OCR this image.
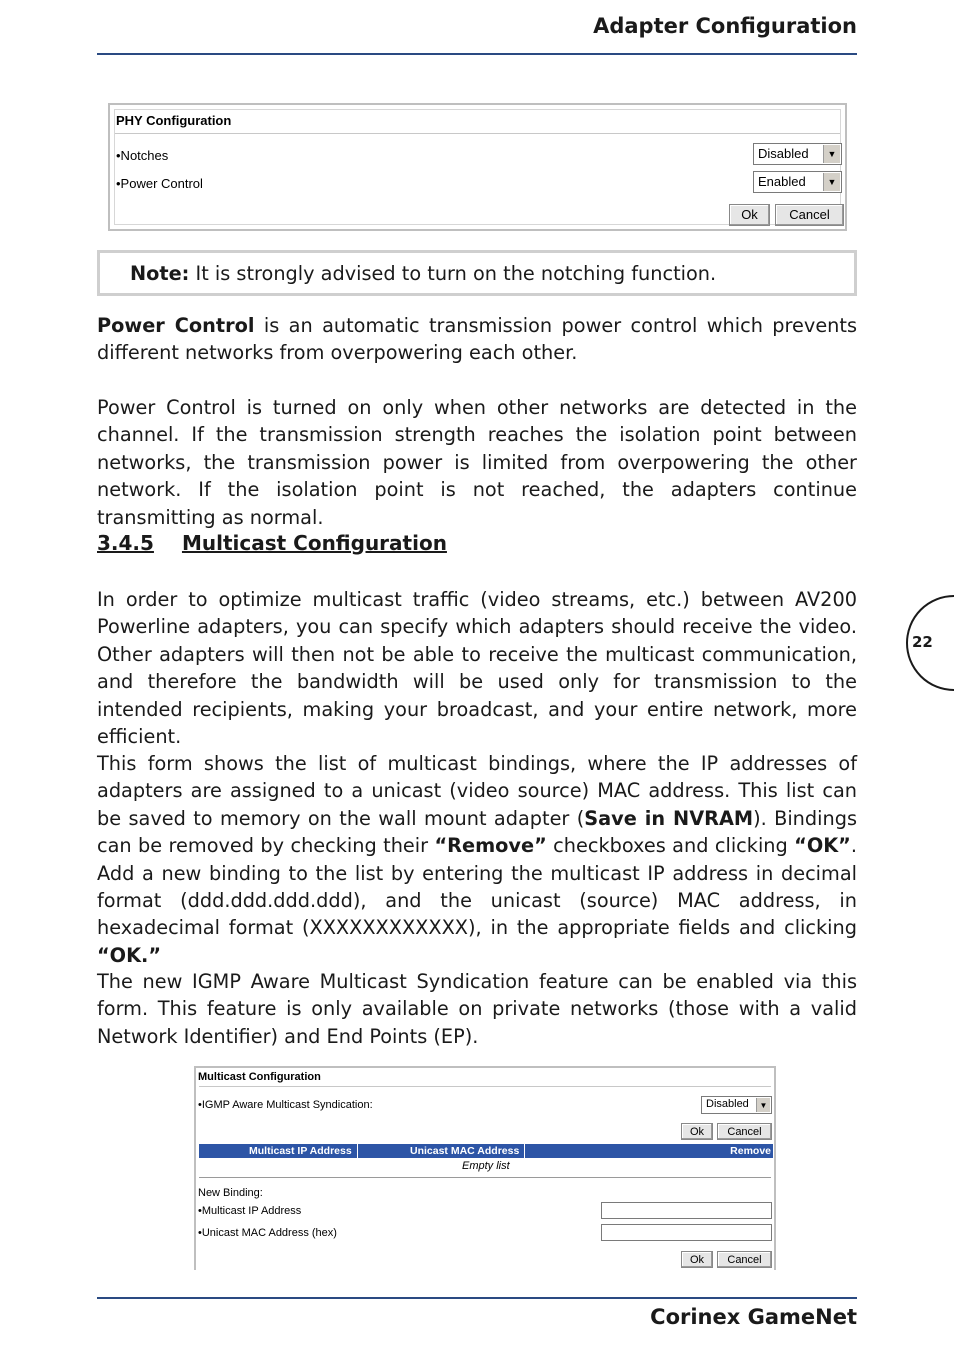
Adapter Configuration
PHY Configuration
•Notches	Disabled	▼
•Power Control	Enabled	▼
Ok	Cancel
Note: It is strongly advised to turn on the notching function.
Power Control is an automatic transmission power control which prevents different networks from overpowering each other.
Power Control is turned on only when other networks are detected in the channel. If the transmission strength reaches the isolation point between networks, the transmission power is limited from overpowering the other network. If the isolation point is not reached, the adapters continue transmitting as normal.
3.4.5 Multicast Configuration
In order to optimize multicast traffic (video streams, etc.) between AV200 Powerline adapters, you can specify which adapters should receive the video. Other adapters will then not be able to receive the multicast communication, and therefore the bandwidth will be used only for transmission to the intended recipients, making your broadcast, and your entire network, more efficient.
This form shows the list of multicast bindings, where the IP addresses of adapters are assigned to a unicast (video source) MAC address. This list can be saved to memory on the wall mount adapter (Save in NVRAM). Bindings can be removed by checking their “Remove” checkboxes and clicking “OK”. Add a new binding to the list by entering the multicast IP address in decimal format (ddd.ddd.ddd.ddd), and the unicast (source) MAC address, in hexadecimal format (XXXXXXXXXXXX), in the appropriate fields and clicking “OK.”
The new IGMP Aware Multicast Syndication feature can be enabled via this form. This feature is only available on private networks (those with a valid Network Identifier) and End Points (EP).
22
Multicast Configuration
•IGMP Aware Multicast Syndication:	Disabled	▼
Ok	Cancel
Multicast IP Address	Unicast MAC Address	Remove
Empty list
New Binding:
•Multicast IP Address
•Unicast MAC Address (hex)
Ok	Cancel
Corinex GameNet
